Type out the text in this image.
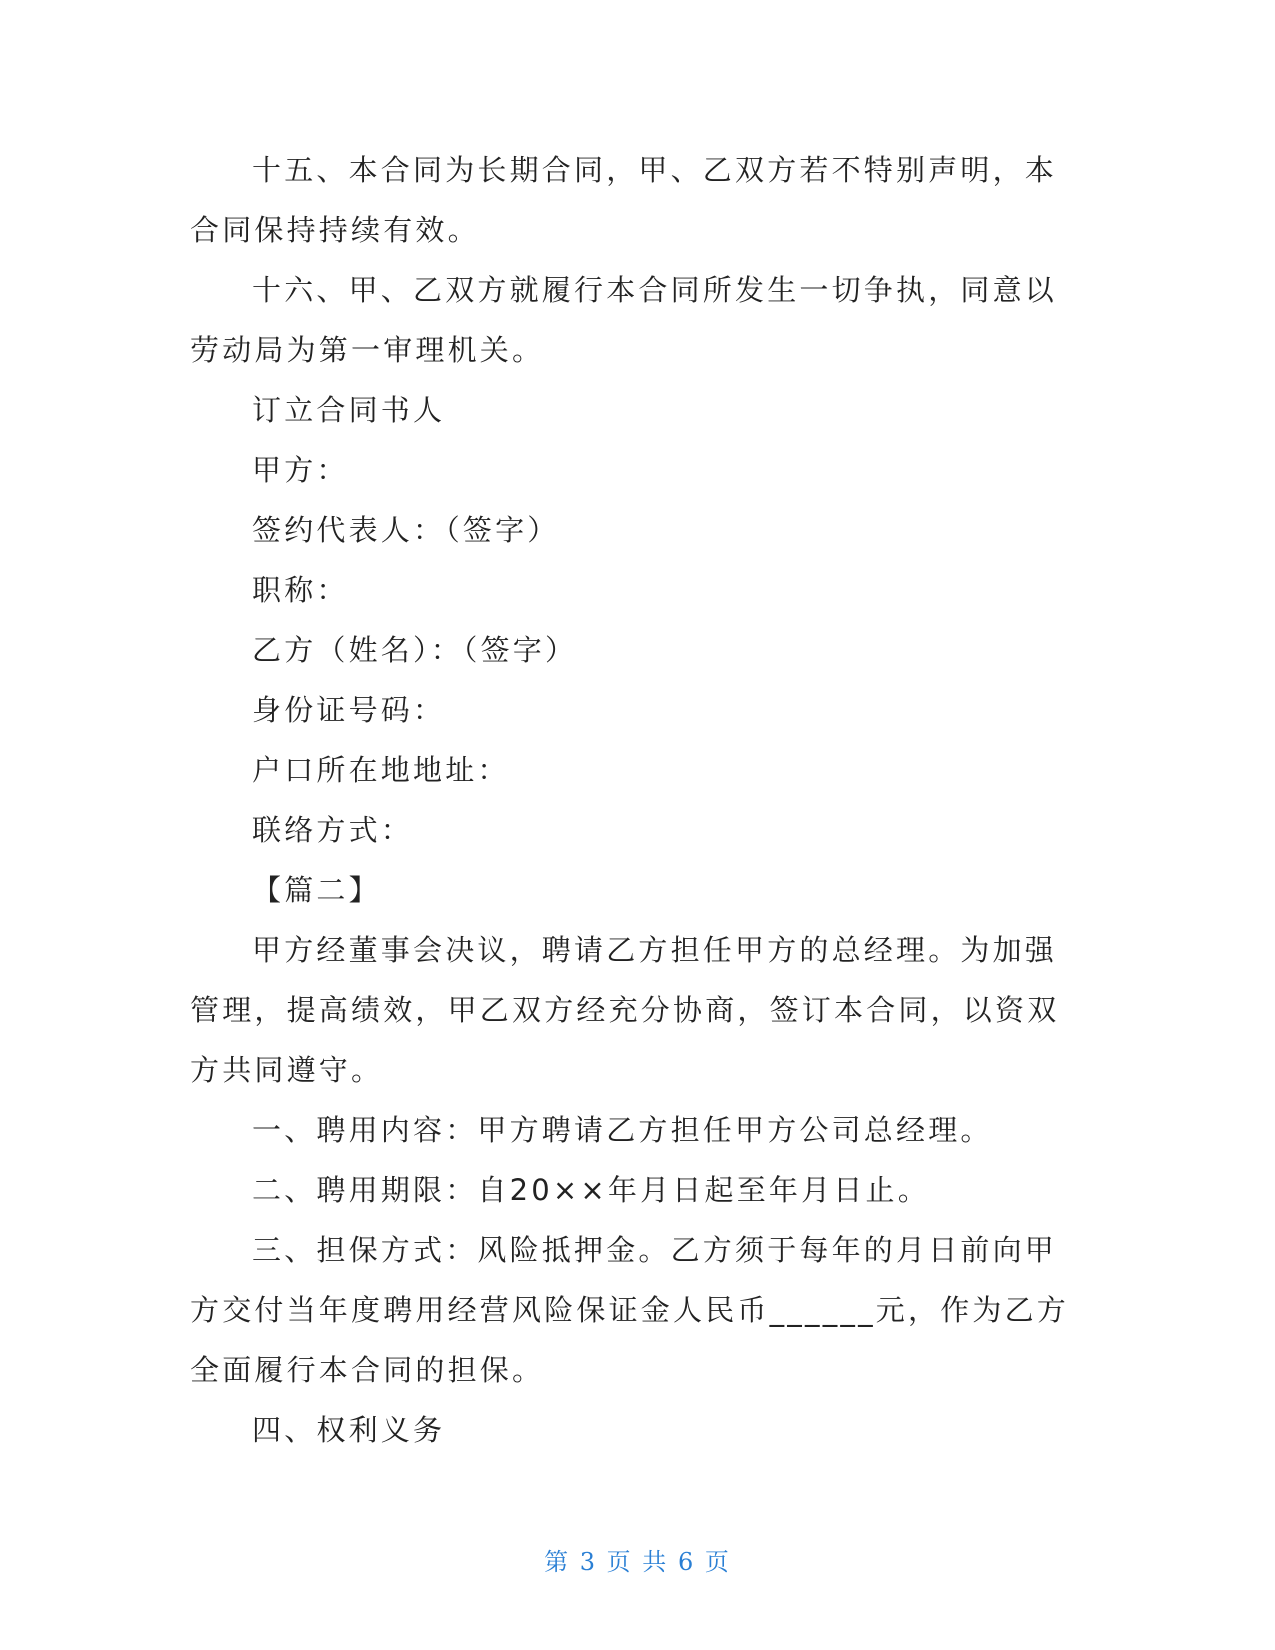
十五、本合同为长期合同，甲、乙双方若不特别声明，本合同保持持续有效。

十六、甲、乙双方就履行本合同所发生一切争执，同意以劳动局为第一审理机关。

订立合同书人

甲方：

签约代表人：（签字）

职称：

乙方（姓名）：（签字）

身份证号码：

户口所在地地址：

联络方式：

【篇二】

甲方经董事会决议，聘请乙方担任甲方的总经理。为加强管理，提高绩效，甲乙双方经充分协商，签订本合同，以资双方共同遵守。

一、聘用内容：甲方聘请乙方担任甲方公司总经理。

二、聘用期限：自20××年月日起至年月日止。

三、担保方式：风险抵押金。乙方须于每年的月日前向甲方交付当年度聘用经营风险保证金人民币______元，作为乙方全面履行本合同的担保。

四、权利义务

第 3 页 共 6 页
